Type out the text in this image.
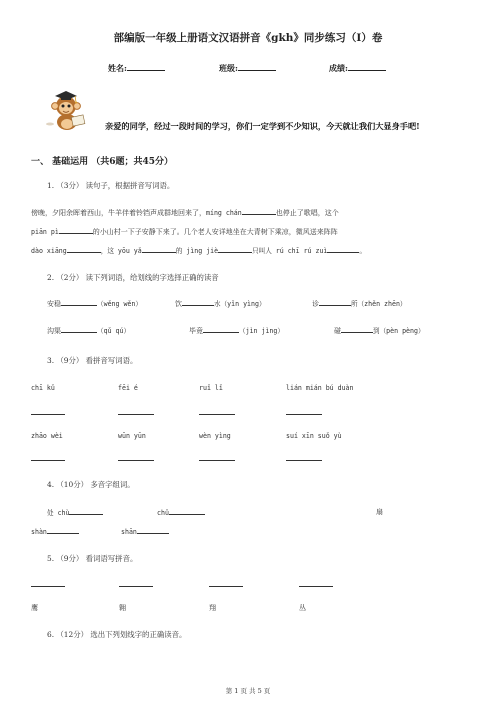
部编版一年级上册语文汉语拼音《gkh》同步练习（I）卷
姓名:	班级:	成绩:
亲爱的同学，经过一段时间的学习，你们一定学到不少知识，今天就让我们大显身手吧!
一、 基础运用 （共6题；共45分）
1. （3分） 读句子，根据拼音写词语。
傍晚，夕阳余晖着西山，牛羊伴着铃铛声成群地回来了，míng chán	也停止了歌唱，这个
piān pì	的小山村一下子安静下来了。几个老人安详地坐在大青树下乘凉，微风送来阵阵
dào xiāng	，这 yōu yǎ	的 jìng jiè	只叫人 rú chī rú zuì	。
2. （2分） 读下列词语，给划线的字选择正确的读音
安稳	（wěng wěn）	饮	水（yǐn yìng）	诊	所（zhěn zhēn）
沟渠	（qǔ qú）	毕竟	（jìn jìng）	碰	到（pèn pèng）
3. （9分） 看拼音写词语。
chī kǔ	fēi é	ruǐ lǐ	lián mián bú duàn
zhāo wèi	wūn yūn	wèn yìng	suí xīn suǒ yù
4. （10分） 多音字组词。
处 chù	chǔ	扇
shàn	shān
5. （9分） 看词语写拼音。
鹰	翱	翔	丛
6. （12分） 选出下列划线字的正确读音。
第 1 页 共 5 页
